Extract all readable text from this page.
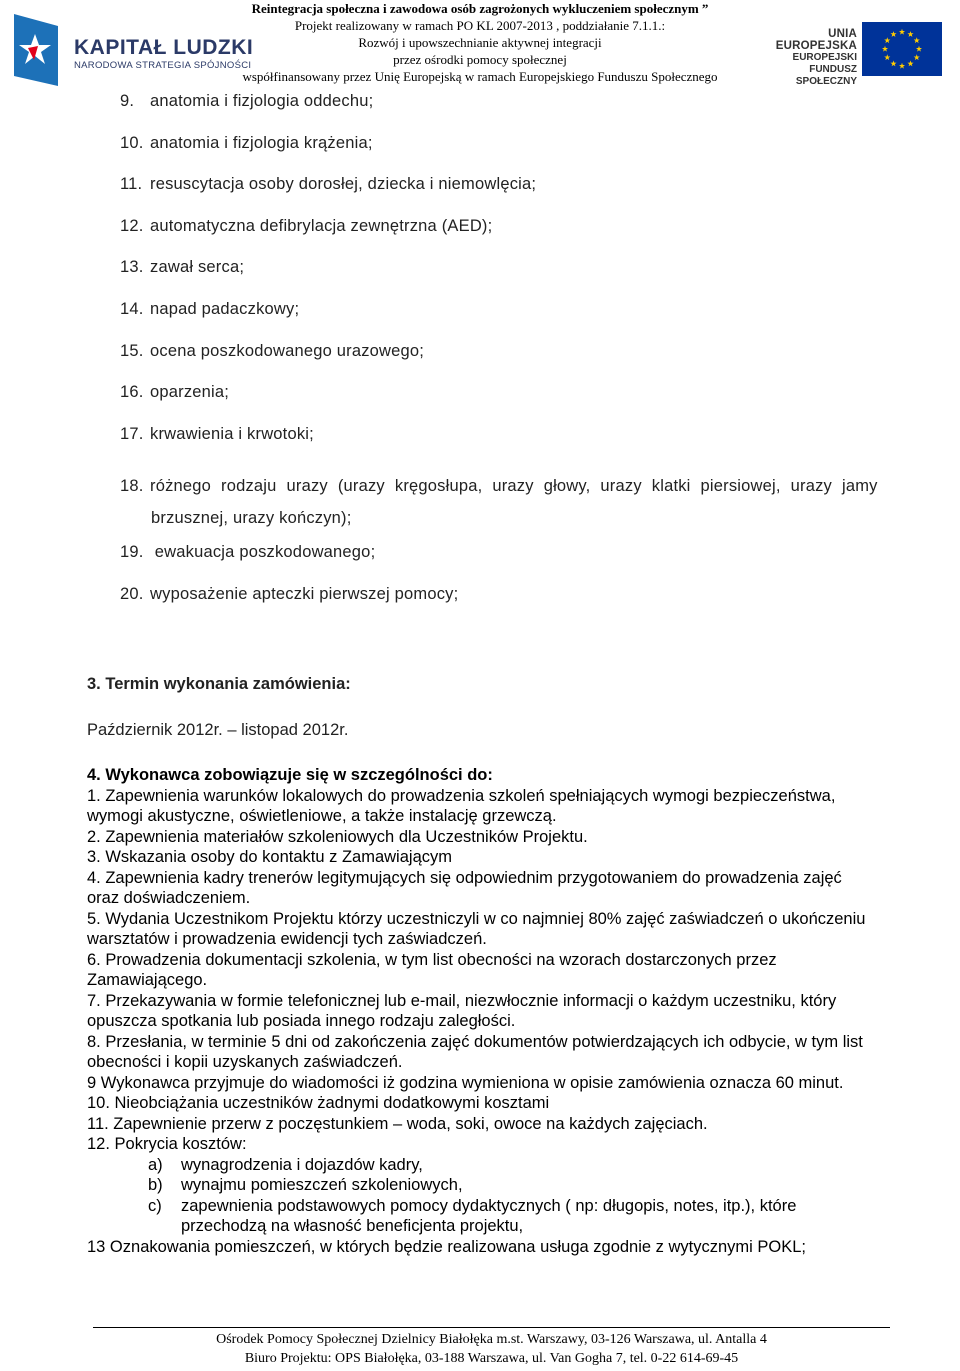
KAPITAŁ LUDZKI
NARODOWA STRATEGIA SPÓJNOŚCI
Reintegracja społeczna i zawodowa osób zagrożonych wykluczeniem społecznym ”
Projekt realizowany w ramach PO KL 2007-2013 , poddziałanie 7.1.1.:
Rozwój i upowszechnianie aktywnej integracji
przez ośrodki pomocy społecznej
współfinansowany przez Unię Europejską w ramach Europejskiego Funduszu Społecznego
UNIA EUROPEJSKA
EUROPEJSKI
FUNDUSZ SPOŁECZNY
9. anatomia i fizjologia oddechu;
10. anatomia i fizjologia krążenia;
11. resuscytacja osoby dorosłej, dziecka i niemowlęcia;
12. automatyczna defibrylacja zewnętrzna (AED);
13. zawał serca;
14. napad padaczkowy;
15. ocena poszkodowanego urazowego;
16. oparzenia;
17. krwawienia i krwotoki;
18. różnego rodzaju urazy (urazy kręgosłupa, urazy głowy, urazy klatki piersiowej, urazy jamy
brzusznej, urazy kończyn);
19. ewakuacja poszkodowanego;
20. wyposażenie apteczki pierwszej pomocy;
3. Termin wykonania zamówienia:
Październik 2012r. – listopad 2012r.

4. Wykonawca zobowiązuje się w szczególności do:

1. Zapewnienia warunków lokalowych do prowadzenia szkoleń spełniających wymogi bezpieczeństwa, wymogi akustyczne, oświetleniowe, a także instalację grzewczą.

2. Zapewnienia materiałów szkoleniowych dla Uczestników Projektu.

3. Wskazania osoby do kontaktu z Zamawiającym

4. Zapewnienia kadry trenerów legitymujących się odpowiednim przygotowaniem do prowadzenia zajęć oraz doświadczeniem.

5. Wydania Uczestnikom Projektu którzy uczestniczyli w co najmniej 80% zajęć zaświadczeń o ukończeniu warsztatów i prowadzenia ewidencji tych zaświadczeń.

6. Prowadzenia dokumentacji szkolenia, w tym list obecności na wzorach dostarczonych przez Zamawiającego.

7. Przekazywania w formie telefonicznej lub e-mail, niezwłocznie informacji o każdym uczestniku, który opuszcza spotkania lub posiada innego rodzaju zaległości.

8. Przesłania, w terminie 5 dni od zakończenia zajęć dokumentów potwierdzających ich odbycie, w tym list obecności i kopii uzyskanych zaświadczeń.

9 Wykonawca przyjmuje do wiadomości iż godzina wymieniona w opisie zamówienia oznacza 60 minut.

10. Nieobciążania uczestników żadnymi dodatkowymi kosztami

11. Zapewnienie przerw z poczęstunkiem – woda, soki, owoce na każdych zajęciach.

12. Pokrycia kosztów:

a) wynagrodzenia i dojazdów kadry,
b) wynajmu pomieszczeń szkoleniowych,
c) zapewnienia podstawowych pomocy dydaktycznych ( np: długopis, notes, itp.), które przechodzą na własność beneficjenta projektu,

13 Oznakowania pomieszczeń, w których będzie realizowana usługa zgodnie z wytycznymi POKL;

Ośrodek Pomocy Społecznej Dzielnicy Białołęka m.st. Warszawy, 03-126 Warszawa, ul. Antalla 4
Biuro Projektu: OPS Białołęka, 03-188 Warszawa, ul. Van Gogha 7, tel. 0-22 614-69-45
